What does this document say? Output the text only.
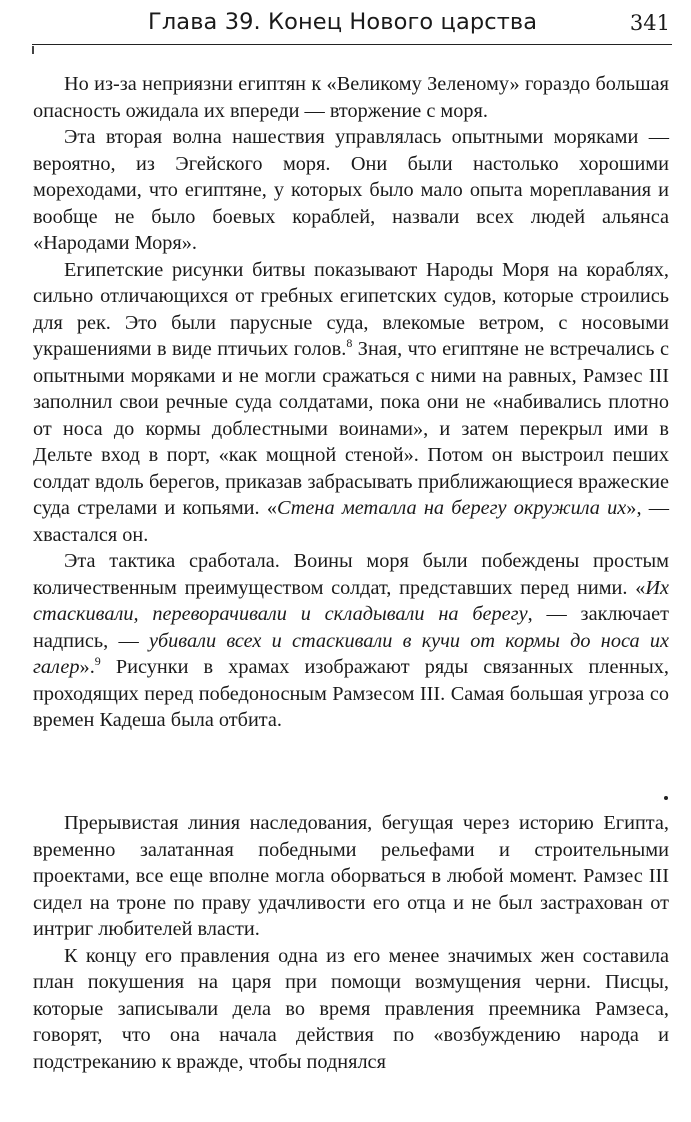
Глава 39. Конец Нового царства	341

Но из-за неприязни египтян к «Великому Зеленому» гораздо большая опасность ожидала их впереди — вторжение с моря.

Эта вторая волна нашествия управлялась опытными моряками — вероятно, из Эгейского моря. Они были настолько хорошими мореходами, что египтяне, у которых было мало опыта мореплавания и вообще не было боевых кораблей, назвали всех людей альянса «Народами Моря».

Египетские рисунки битвы показывают Народы Моря на кораблях, сильно отличающихся от гребных египетских судов, которые строились для рек. Это были парусные суда, влекомые ветром, с носовыми украшениями в виде птичьих голов.$^8$ Зная, что египтяне не встречались с опытными моряками и не могли сражаться с ними на равных, Рамзес III заполнил свои речные суда солдатами, пока они не «набивались плотно от носа до кормы доблестными воинами», и затем перекрыл ими в Дельте вход в порт, «как мощной стеной». Потом он выстроил пеших солдат вдоль берегов, приказав забрасывать приближающиеся вражеские суда стрелами и копьями. «Стена металла на берегу окружила их», — хвастался он.

Эта тактика сработала. Воины моря были побеждены простым количественным преимуществом солдат, представших перед ними. «Их стаскивали, переворачивали и складывали на берегу, — заключает надпись, — убивали всех и стаскивали в кучи от кормы до носа их галер».$^9$ Рисунки в храмах изображают ряды связанных пленных, проходящих перед победоносным Рамзесом III. Самая большая угроза со времен Кадеша была отбита.

Прерывистая линия наследования, бегущая через историю Египта, временно залатанная победными рельефами и строительными проектами, все еще вполне могла оборваться в любой момент. Рамзес III сидел на троне по праву удачливости его отца и не был застрахован от интриг любителей власти.

К концу его правления одна из его менее значимых жен составила план покушения на царя при помощи возмущения черни. Писцы, которые записывали дела во время правления преемника Рамзеса, говорят, что она начала действия по «возбуждению народа и подстреканию к вражде, чтобы поднялся
